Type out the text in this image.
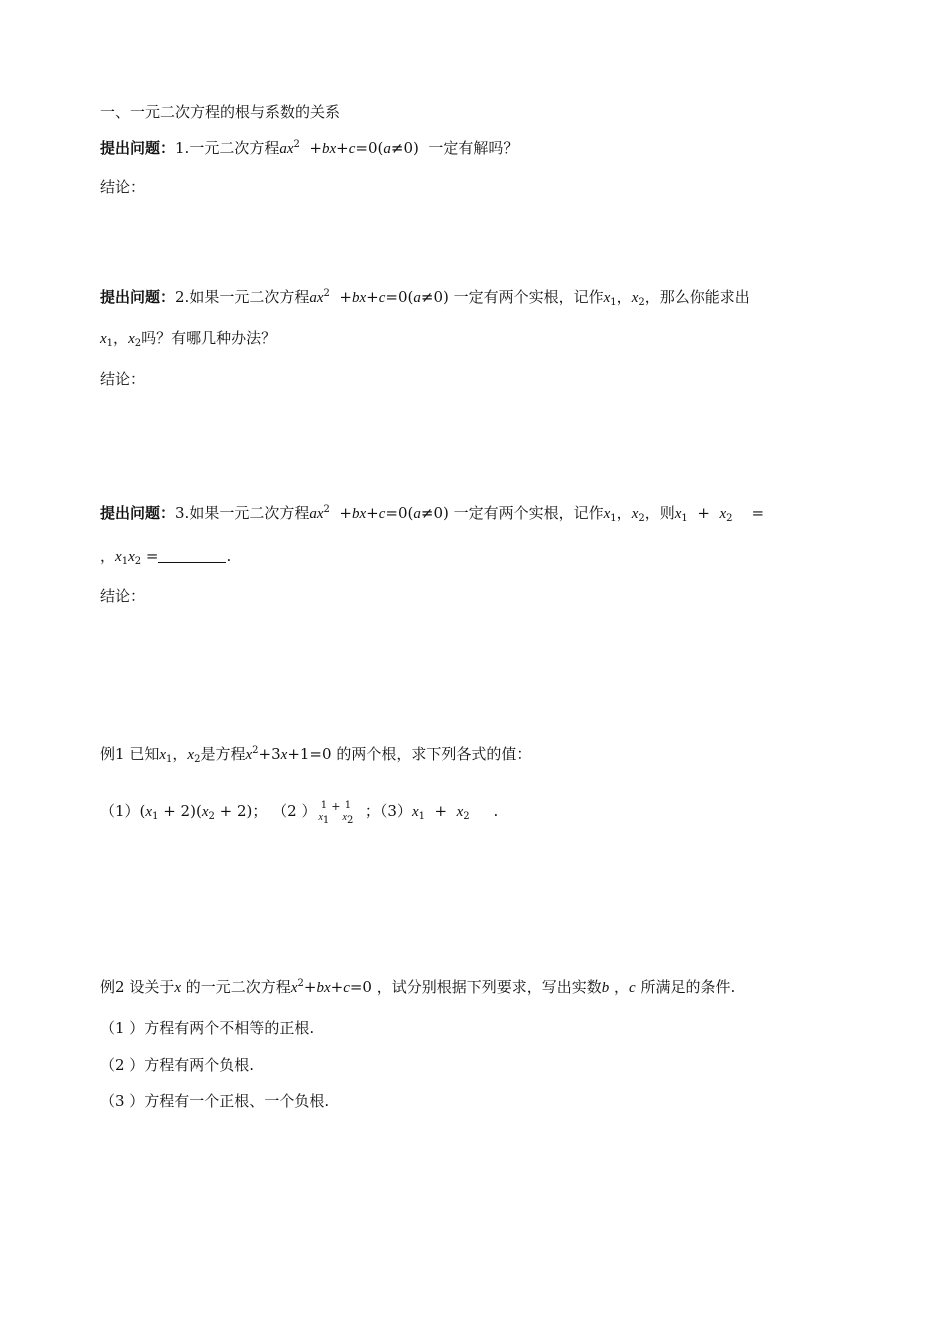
一、一元二次方程的根与系数的关系
提出问题：1.一元二次方程$ax^2 +bx+c=0(a\ne 0)$  一定有解吗？
结论：
提出问题：2.如果一元二次方程$ax^2 +bx+c=0(a\ne 0)$ 一定有两个实根，记作$x_1$，$x_2$，那么你能求出
$x_1$，$x_2$吗？有哪几种办法？
结论：
提出问题：3.如果一元二次方程$ax^2 +bx+c=0(a\ne 0)$ 一定有两个实根，记作$x_1$，$x_2$，则$x_1 + x_2$    =
，$x_1x_2$ =	.
结论：
例1 已知$x_1$，$x_2$是方程$x^2+3x+1=0$ 的两个根，求下列各式的值：
$(1)(x_1 + 2)(x_2 + 2)$； （2 ） 1
$x_1$
+ 1
$x_2$
；$(3)x_1 + x_2$     .
例2 设关于x 的一元二次方程$x^2+bx+c=0$ ，试分别根据下列要求，写出实数b ，c 所满足的条件.
（1 ）方程有两个不相等的正根.
（2 ）方程有两个负根.
（3 ）方程有一个正根、一个负根.
